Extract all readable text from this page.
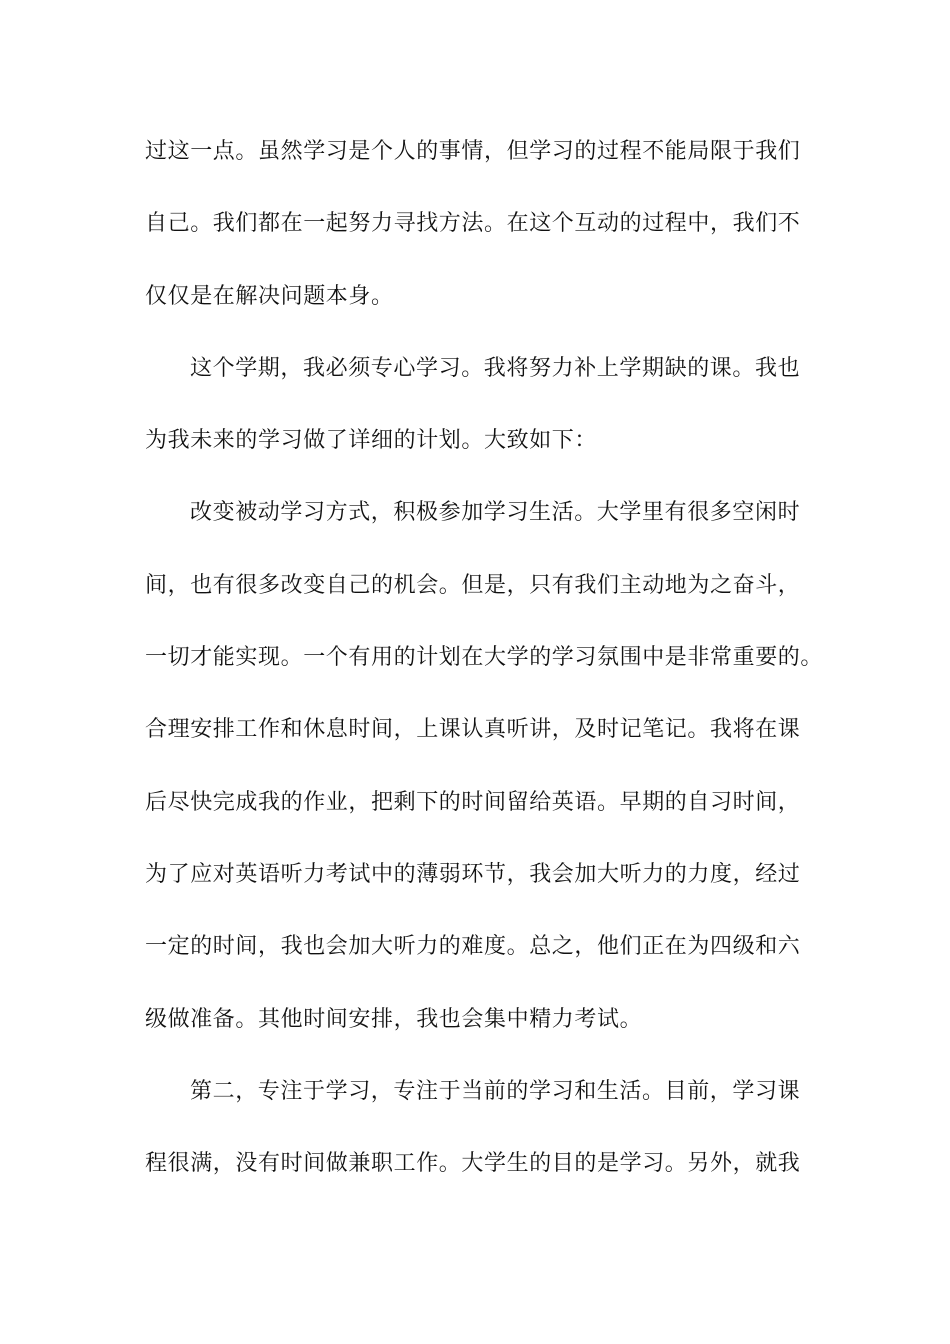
过这一点。虽然学习是个人的事情，但学习的过程不能局限于我们
自己。我们都在一起努力寻找方法。在这个互动的过程中，我们不
仅仅是在解决问题本身。
这个学期，我必须专心学习。我将努力补上学期缺的课。我也
为我未来的学习做了详细的计划。大致如下：
改变被动学习方式，积极参加学习生活。大学里有很多空闲时
间，也有很多改变自己的机会。但是，只有我们主动地为之奋斗，
一切才能实现。一个有用的计划在大学的学习氛围中是非常重要的。
合理安排工作和休息时间，上课认真听讲，及时记笔记。我将在课
后尽快完成我的作业，把剩下的时间留给英语。早期的自习时间，
为了应对英语听力考试中的薄弱环节，我会加大听力的力度，经过
一定的时间，我也会加大听力的难度。总之，他们正在为四级和六
级做准备。其他时间安排，我也会集中精力考试。
第二，专注于学习，专注于当前的学习和生活。目前，学习课
程很满，没有时间做兼职工作。大学生的目的是学习。另外，就我
